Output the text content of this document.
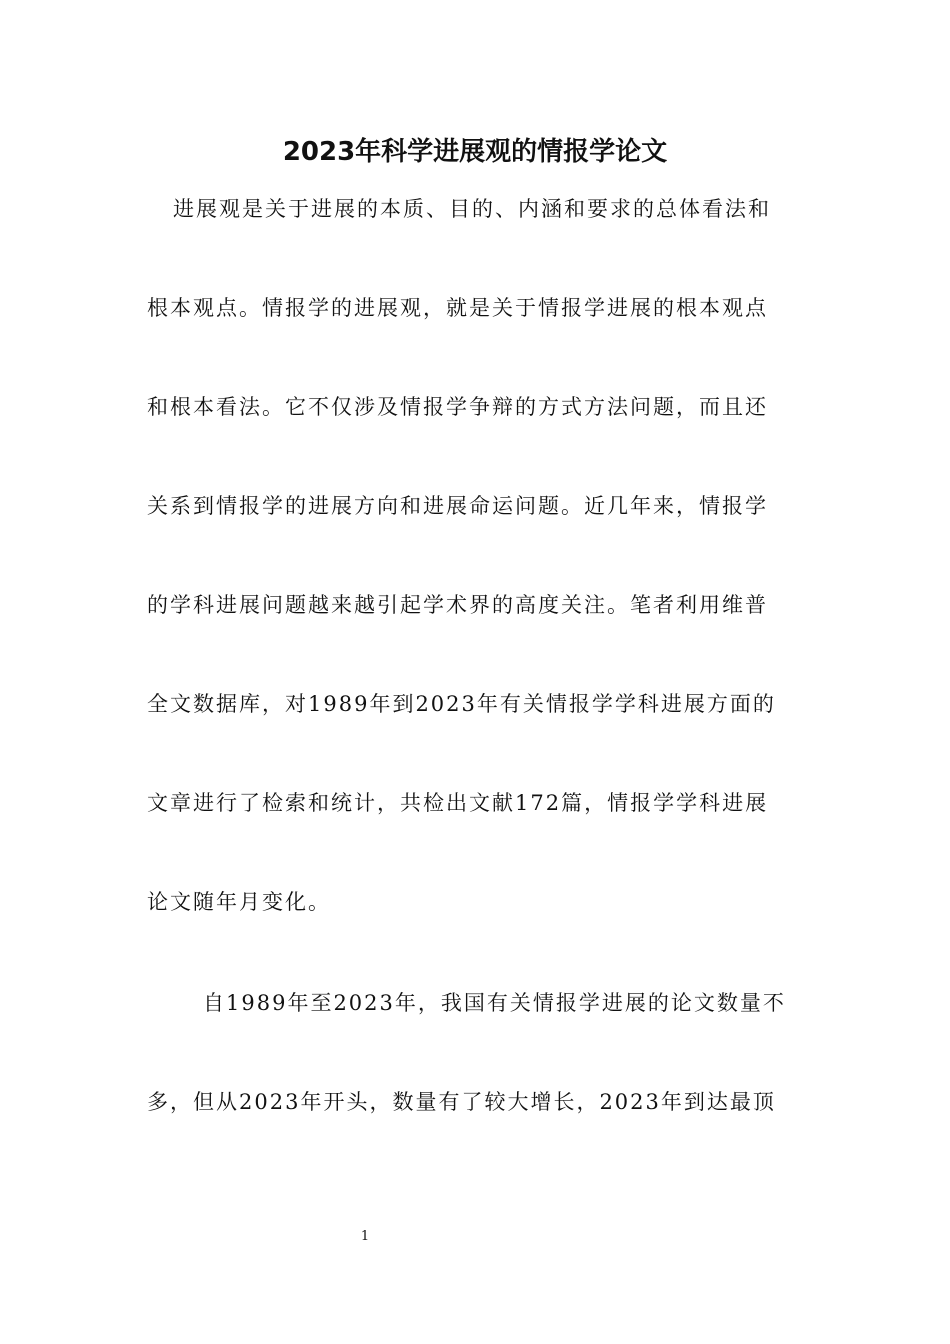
2023年科学进展观的情报学论文
进展观是关于进展的本质、目的、内涵和要求的总体看法和
根本观点。情报学的进展观，就是关于情报学进展的根本观点
和根本看法。它不仅涉及情报学争辩的方式方法问题，而且还
关系到情报学的进展方向和进展命运问题。近几年来，情报学
的学科进展问题越来越引起学术界的高度关注。笔者利用维普
全文数据库，对1989年到2023年有关情报学学科进展方面的
文章进行了检索和统计，共检出文献172篇，情报学学科进展
论文随年月变化。
自1989年至2023年，我国有关情报学进展的论文数量不
多，但从2023年开头，数量有了较大增长，2023年到达最顶
1
